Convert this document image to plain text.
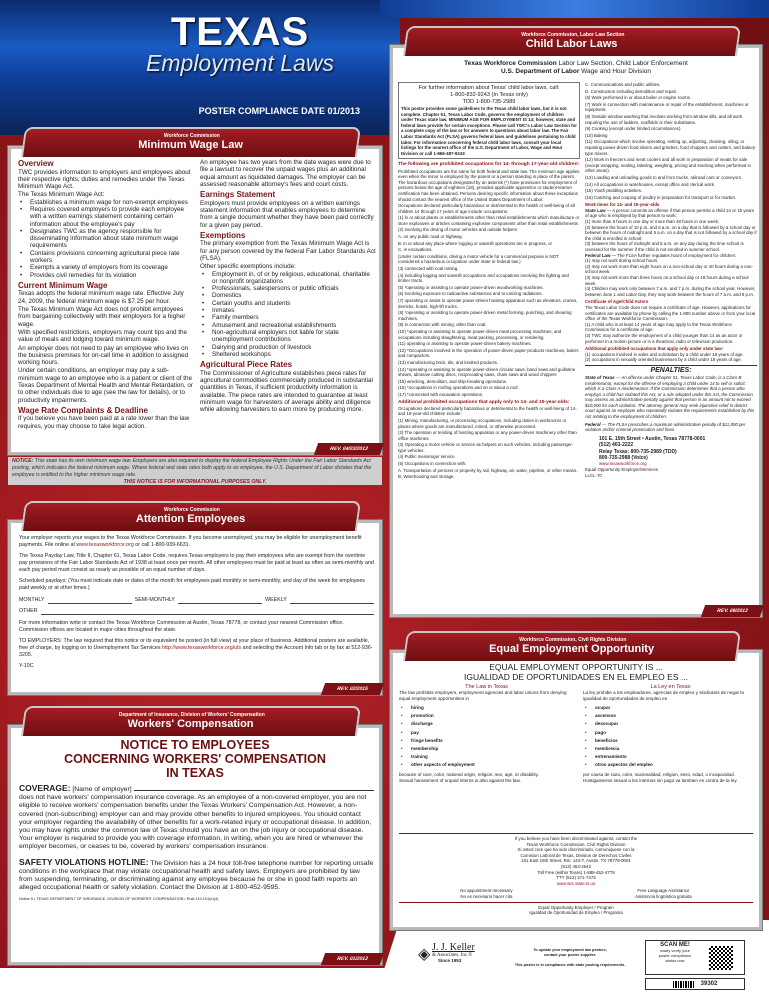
TEXAS
Employment Laws
POSTER COMPLIANCE DATE 01/2013
Workforce Commission
Minimum Wage Law
Overview
TWC provides information to employers and employees about their respective rights, duties and remedies under the Texas Minimum Wage Act.
The Texas Minimum Wage Act:
• Establishes a minimum wage for non-exempt employees
• Requires covered employers to provide each employee with a written earnings statement containing certain information about the employee's pay
• Designates TWC as the agency responsible for disseminating information about state minimum wage requirements
• Contains provisions concerning agricultural piece rate workers
• Exempts a variety of employers from its coverage
• Provides civil remedies for its violation
Current Minimum Wage

Texas adopts the federal minimum wage rate. Effective July 24, 2009, the federal minimum wage is $7.25 per hour.

The Texas Minimum Wage Act does not prohibit employees from bargaining collectively with their employers for a higher wage.

With specified restrictions, employers may count tips and the value of meals and lodging toward minimum wage.

An employer does not need to pay an employee who lives on the business premises for on-call time in addition to assigned working hours.

Under certain conditions, an employer may pay a sub-minimum wage to an employee who is a patient or client of the Texas Department of Mental Health and Mental Retardation, or to other individuals due to age (see the law for details), or to productivity impairments.

Wage Rate Complaints & Deadline
If you believe you have been paid at a rate lower than the law requires, you may choose to take legal action.
An employee has two years from the date wages were due to file a lawsuit to recover the unpaid wages plus an additional equal amount as liquidated damages. The employer can be assessed reasonable attorney's fees and court costs.
Earnings Statement
Employers must provide employees on a written earnings statement information that enables employees to determine from a single document whether they have been paid correctly for a given pay period.
Exemptions
The primary exemption from the Texas Minimum Wage Act is for any person covered by the federal Fair Labor Standards Act (FLSA).
Other specific exemptions include:
• Employment in, of or by religious, educational, charitable or nonprofit organizations
• Professionals, salespersons or public officials
• Domestics
• Certain youths and students
• Inmates
• Family members
• Amusement and recreational establishments
• Non-agricultural employers not liable for state unemployment contributions
• Dairying and production of livestock
• Sheltered workshops
Agricultural Piece Rates
The Commissioner of Agriculture establishes piece rates for agricultural commodities commercially produced in substantial quantities in Texas, if sufficient productivity information is available. The piece rates are intended to guarantee at least minimum wage for harvesters of average ability and diligence while allowing harvesters to earn more by producing more.
REV. 04/03/2013
NOTICE: This state has its own minimum wage law. Employers are also required to display the federal Employee Rights Under the Fair Labor Standards Act posting, which indicates the federal minimum wage. Where federal and state rates both apply to an employee, the U.S. Department of Labor dictates that the employee is entitled to the higher minimum wage rate.
THIS NOTICE IS FOR INFORMATIONAL PURPOSES ONLY.
Workforce Commission
Attention Employees

Your employer reports your wages to the Texas Workforce Commission. If you become unemployed, you may be eligible for unemployment benefit payments. File online at www.texasworkforce.org or call 1-800-939-6631.

The Texas Payday Law, Title II, Chapter 61, Texas Labor Code, requires Texas employers to pay their employees who are exempt from the overtime pay provisions of the Fair Labor Standards Act of 1938 at least once per month. All other employees must be paid at least as often as semi-monthly and each pay period must consist as nearly as possible of an equal number of days.

Scheduled paydays: (You must indicate date or dates of the month for employees paid monthly or semi-monthly, and day of the week for employees paid weekly or at other times.)

MONTHLY	SEMI-MONTHLY	WEEKLY

OTHER

For more information write or contact the Texas Workforce Commission at Austin, Texas 78778, or contact your nearest Commission office. Commission offices are located in major cities throughout the state.

TO EMPLOYERS: The law required that this notice or its equivalent be posted (in full view) at your place of business. Additional posters are available, free of charge, by logging on to Unemployment Tax Services http://www.texasworkforce.org/uts and selecting the Account Info tab or by fax at 512-936-3205.

Y-10C

REV. 02/2015
Department of Insurance, Division of Workers' Compensation
Workers' Compensation
NOTICE TO EMPLOYEES
CONCERNING WORKERS' COMPENSATION
IN TEXAS

COVERAGE:
[Name of employer]

does not have workers' compensation insurance coverage. As an employee of a non-covered employer, you are not eligible to receive workers' compensation benefits under the Texas Workers' Compensation Act. However, a non-covered (non-subscribing) employer can and may provide other benefits to injured employees. You should contact your employer regarding the availability of other benefits for a work-related injury or occupational disease. In addition, you may have rights under the common law of Texas should you have an on the job injury or occupational disease. Your employer is required to provide you with coverage information, in writing, when you are hired or whenever the employer becomes, or ceases to be, covered by workers' compensation insurance.

SAFETY VIOLATIONS HOTLINE: The Division has a 24 hour toll-free telephone number for reporting unsafe conditions in the workplace that may violate occupational health and safety laws. Employers are prohibited by law from suspending, terminating, or discriminating against any employee because he or she in good faith reports an alleged occupational health or safety violation. Contact the Division at 1-800-452-9595.

Notice 5 • TEXAS DEPARTMENT OF INSURANCE, DIVISION OF WORKERS' COMPENSATION • Rule 110.101(e)(4)

REV. 01/2013
Workforce Commission, Labor Law Section
Child Labor Laws
Texas Workforce Commission Labor Law Section, Child Labor Enforcement
U.S. Department of Labor Wage and Hour Division
For further information about Texas' child labor laws, call:
1-800-832-9243 (In Texas only)
TDD 1-800-735-2989
This poster provides some guidelines to the Texas child labor laws, but it is not complete. Chapter 51, Texas Labor Code, governs the employment of children under Texas state law. MINIMUM AGE FOR EMPLOYMENT IS 14; however, state and federal laws provide for certain exceptions. Please call TWC's Labor Law Section for a complete copy of the law or for answers to questions about labor law. The Fair Labor Standards Act (FLSA) governs federal laws and guidelines pertaining to child labor. For information concerning federal child labor laws, consult your local listings for the nearest office of the U.S. Department of Labor, Wage and Hour Division or call 1-866-487-9243
The following are prohibited occupations for 14- through 17-year-old children:

Prohibited occupations are the same for both federal and state law. The minimum age applies even when the minor is employed by the parent or a person standing in place of the parent. The hazardous occupations designated by an asterisk (*) have provisions for employment of persons below the age of eighteen (18), provided applicable apprentice or student-learner certification has been obtained. Persons desiring specific information about these exceptions should contact the nearest office of the United States Department of Labor.

Occupations declared particularly hazardous or detrimental to the health or well-being of all children 14 through 17 years of age include occupations:

(1) in or about plants or establishments other than retail establishments which manufacture or store explosives or articles containing explosive components other than retail establishments

(2) involving the driving of motor vehicles and outside helpers

A. on any public road or highway,

B. in or about any place where logging or sawmill operations are in progress, or

C. in excavations.

(Under certain conditions, driving a motor vehicle for a commercial purpose is NOT considered a hazardous occupation under state or federal law.)

(3) connected with coal mining.

(4) including logging and sawmill occupations and occupations involving fire fighting and timber tracts.

(5) *operating or assisting to operate power-driven woodworking machines.

(6) involving exposure to radioactive substances and to ionizing radiations.

(7) operating or assist to operate power-driven hoisting apparatus such as elevators, cranes, derricks, hoists, high-lift trucks.

(8) *operating or assisting to operate power-driven metal forming, punching, and shearing machines.

(9) in connection with mining, other than coal.

(10) *operating or assisting to operate power-driven meat processing machines, and occupations including slaughtering, meat packing, processing, or rendering

(11) operating or assisting to operate power-driven bakery machines.

(12) *Occupations involved in the operation of power-driven paper-products machines, balers and compactors.

(13) manufacturing brick, tile, and kindred products.

(14) *operating or assisting to operate power-driven circular saws, band saws and guillotine shears, abrasive cutting discs, reciprocating saws, chain saws and wood chippers

(15) wrecking, demolition, and ship-breaking operations.

(16) *occupations in roofing operations and on or about a roof.

(17) *connected with excavation operations.

Additional prohibited occupations that apply only to 14- and 15-year-olds:

Occupations declared particularly hazardous or detrimental to the health or well-being of 14- and 15-year-old children include:

(1) Mining, manufacturing, or processing occupations, including duties in workrooms or places where goods are manufactured, mined, or otherwise processed.

(2) The operation or tending of hoisting apparatus or any power-driven machinery other than office machines.

(3) Operating a motor vehicle or service as helpers on such vehicles, including passenger-type vehicles.

(4) Public messenger service.

(5) Occupations in connection with:

A. Transportation of persons or property by rail, highway, air, water, pipeline, or other means.

B. Warehousing and storage.

C. Communications and public utilities.

D. Construction including demolition and repair.

(6) Work performed in or about boiler or engine rooms.

(7) Work in connection with maintenance or repair of the establishment, machines or equipment.

(8) Outside window washing that involves working from window sills, and all work requiring the use of ladders, scaffolds or their substitutes.

(9) Cooking (except under limited circumstances)

(10) Baking

(11) Occupations which involve operating, setting up, adjusting, cleaning, oiling, or repairing power-driven food slicers and grinders, food choppers and cutters, and bakery-type mixers.

(12) Work in freezers and meat coolers and all work in preparation of meats for sale (except wrapping, sealing, labeling, weighing, pricing and stocking when performed in other areas).

(13) Loading and unloading goods to and from trucks, railroad cars or conveyors.

(14) All occupations in warehouses, except office and clerical work.

(15) Youth peddling activities.

(16) Catching and cooping of poultry in preparation for transport or for market.

Work times for 14- and 15-year-olds
State Law — A person commits an offense if that person permits a child 14 or 15 years of age who is employed by that person to work:

(1) more than 8 hours in one day or more than 48 hours in one week;

(2) between the hours of 10 p.m. and 5 a.m. on a day that is followed by a school day or between the hours of midnight and 5 a.m. on a day that is not followed by a school day if the child is enrolled in school;

(3) between the hours of midnight and 5 a.m. on any day during the time school is recessed for the summer if the child is not enrolled in summer school.

Federal Law — The FLSA further regulates hours of employment for children:

(1) may not work during school hours

(2) may not work more than eight hours on a non-school day or 40 hours during a non-school week.

(3) may not work more than three hours on a school day or 18 hours during a school week.

(4) Children may work only between 7 a.m. and 7 p.m. during the school year. However, between June 1 and Labor Day, they may work between the hours of 7 a.m. and 9 p.m.

Certificate of Age/Child Actors

The Texas Labor Code does not require a certificate of age. However, applications for certificates are available by phone by calling the 1-800 number above or from your local office of the Texas Workforce Commission.

(1) A child who is at least 14 years of age may apply to the Texas Workforce Commission for a certificate of age.

(2) TWC may authorize the employment of a child younger than 14 as an actor or performer in a motion picture or in a theatrical, radio or television production.

Additional prohibited occupations that apply only under state law:

(1) occupations involved in sales and solicitation by a child under 18 years of age.

(2) occupations in sexually oriented businesses by a child under 18 years of age.

PENALTIES:
State of Texas — An offense under Chapter 51, Texas Labor Code, is a Class B misdemeanor, except for the offense of employing a child under 14 to sell or solicit, which is a Class A misdemeanor. If the Commission determines that a person who employs a child has violated this Act, or a rule adopted under this Act, the Commission may assess an administrative penalty against that person in an amount not to exceed $10,000 for each violation. The attorney general may seek injunctive relief in district court against an employer who repeatedly violates the requirements established by this Act relating to the employment of children.
Federal — The FLSA prescribes a maximum administrative penalty of $11,000 per violation and/or criminal prosecution and fines.
101 E. 15th Street • Austin, Texas 78778-0001
(512) 463-2222
Relay Texas: 800-735-2989 (TDD)
800-735-2988 (Voice)
www.texasworkforce.org
Equal Opportunity Employer/Services
LLCL-70
REV. 09/2013
Workforce Commission, Civil Rights Division
Equal Employment Opportunity
EQUAL EMPLOYMENT OPPORTUNITY IS ...
IGUALIDAD DE OPORTUNIDADES EN EL EMPLEO ES ...
The Law in Texas
The law prohibits employers, employment agencies and labor unions from denying equal employment opportunities in
• hiring
• promotion
• discharge
• pay
• fringe benefits
• membership
• training
• other aspects of employment
because of race, color, national origin, religion, sex, age, or disability.
Sexual harassment of unpaid interns is also against the law.
La Ley en Texas
La ley prohibe a los empleadores, agencias de empleo y sindicatos de negar la igualidad de oportunidades de empleo en
• ocupar
• ascensos
• desocupar
• pago
• beneficios
• membrecia
• entrenamiento
• otros aspectos del empleo
por causa de raza, color, nacionalidad, religion, sexo, edad, o incapacidad.
Hostigamiento sexual a los internos sin pago va tambien en contra de la ley.
If you believe you have been discriminated against, contact the
Texas Workforce Commission, Civil Rights Division
Si usted cree que ha sido discriminado, comuniquese con la
Comision Laboral de Texas, Division de Derechos Civiles
101 East 15th Street, Rm. 144-T, Austin, TX 78778-0001
(512) 463-2642
Toll Free (within Texas) 1-888-452-4778
TTY (512) 371-7473
www.twc.state.tx.us
No appointment necessary
No es necesario hacer cita
Free Language Assistance
Asistencia lingüística gratuita
Equal Opportunity Employer / Program
Igualdad de Oportunidad de Empleo / Programa
Copyright 2016 J. J. Keller & Associates, Inc. • Neenah, WI • Printed in the USA
◈ J. J. Keller
& Associates, Inc.®
Since 1953
To update your employment law posters,
contact your poster supplier.
This poster is in compliance with state posting requirements.
SCAN ME!
easily verify your
poster compliance
status now
39302
